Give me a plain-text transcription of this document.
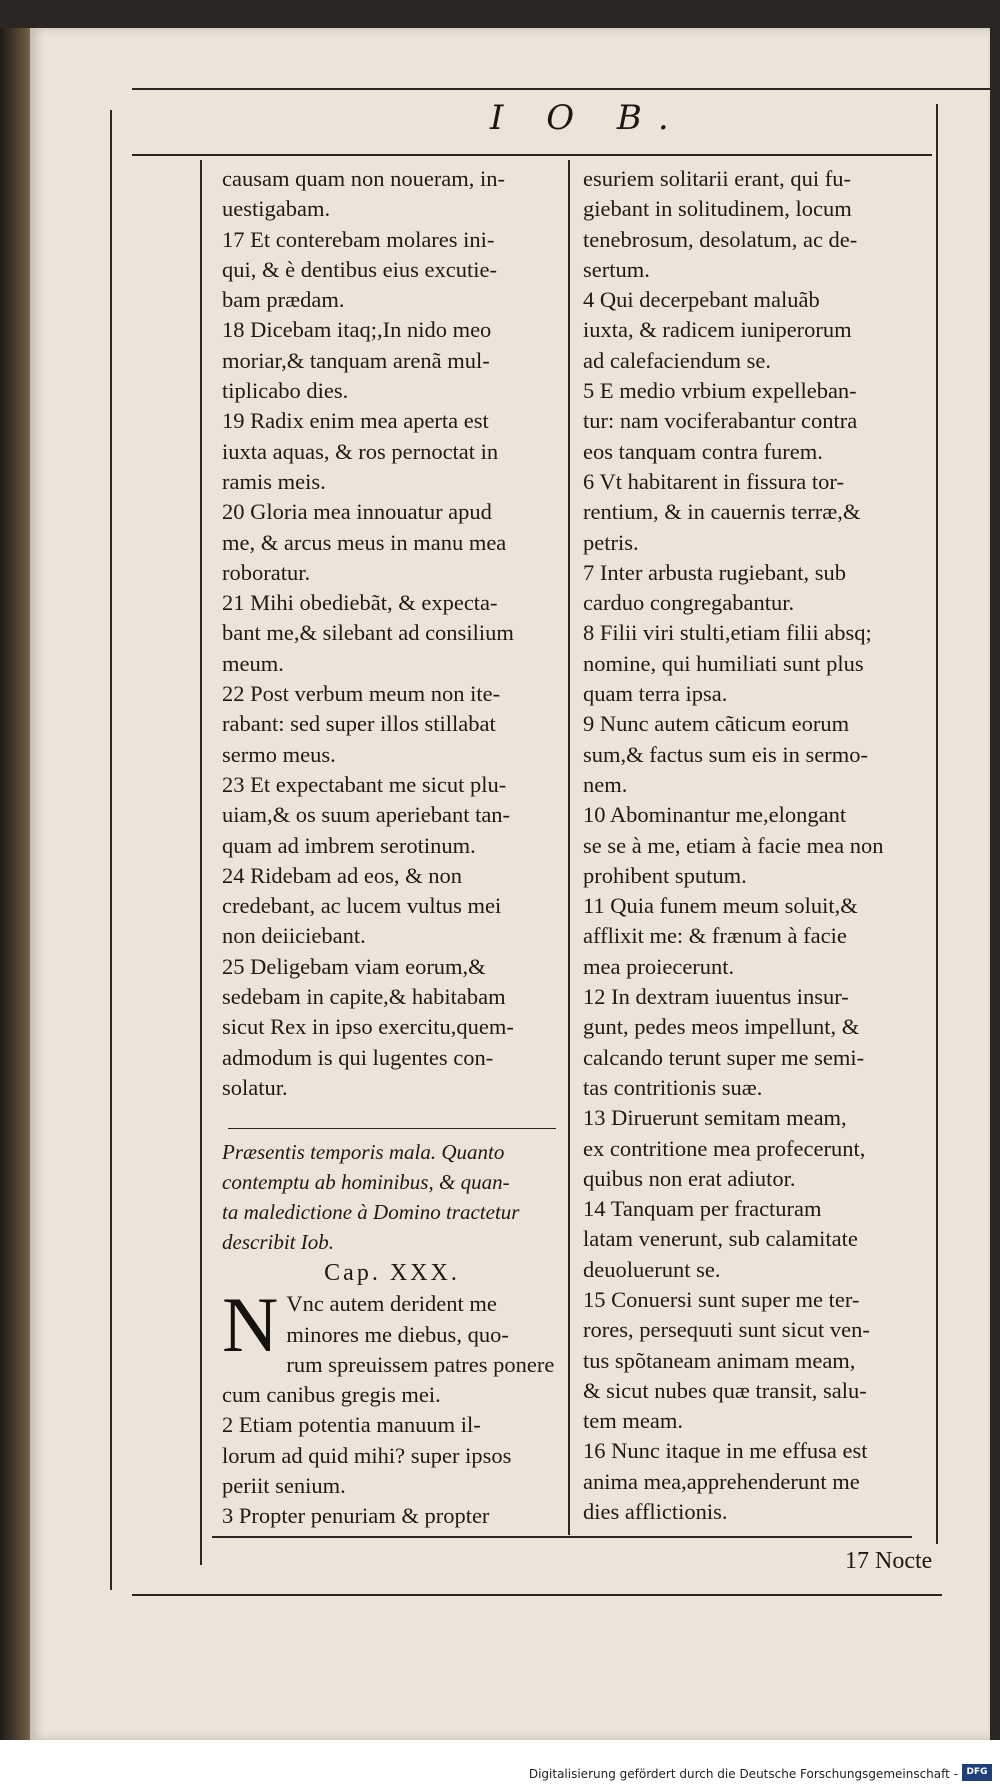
I O B.

causam quam non noueram, in-

uestigabam.

17 Et conterebam molares ini-

qui, & è dentibus eius excutie-

bam prædam.

18 Dicebam itaq;,In nido meo

moriar,& tanquam arenã mul-

tiplicabo dies.

19 Radix enim mea aperta est

iuxta aquas, & ros pernoctat in

ramis meis.

20 Gloria mea innouatur apud

me, & arcus meus in manu mea

roboratur.

21 Mihi obediebãt, & expecta-

bant me,& silebant ad consilium

meum.

22 Post verbum meum non ite-

rabant: sed super illos stillabat

sermo meus.

23 Et expectabant me sicut plu-

uiam,& os suum aperiebant tan-

quam ad imbrem serotinum.

24 Ridebam ad eos, & non

credebant, ac lucem vultus mei

non deiiciebant.

25 Deligebam viam eorum,&

sedebam in capite,& habitabam

sicut Rex in ipso exercitu,quem-

admodum is qui lugentes con-

solatur.

Præsentis temporis mala. Quanto

contemptu ab hominibus, & quan-

ta maledictione à Domino tractetur

describit Iob.

Cap. XXX.

N Vnc autem derident me

minores me diebus, quo-

rum spreuissem patres ponere

cum canibus gregis mei.

2 Etiam potentia manuum il-

lorum ad quid mihi? super ipsos

periit senium.

3 Propter penuriam & propter

esuriem solitarii erant, qui fu-

giebant in solitudinem, locum

tenebrosum, desolatum, ac de-

sertum.

4 Qui decerpebant maluãb

iuxta, & radicem iuniperorum

ad calefaciendum se.

5 E medio vrbium expelleban-

tur: nam vociferabantur contra

eos tanquam contra furem.

6 Vt habitarent in fissura tor-

rentium, & in cauernis terræ,&

petris.

7 Inter arbusta rugiebant, sub

carduo congregabantur.

8 Filii viri stulti,etiam filii absq;

nomine, qui humiliati sunt plus

quam terra ipsa.

9 Nunc autem cãticum eorum

sum,& factus sum eis in sermo-

nem.

10 Abominantur me,elongant

se se à me, etiam à facie mea non

prohibent sputum.

11 Quia funem meum soluit,&

afflixit me: & frænum à facie

mea proiecerunt.

12 In dextram iuuentus insur-

gunt, pedes meos impellunt, &

calcando terunt super me semi-

tas contritionis suæ.

13 Diruerunt semitam meam,

ex contritione mea profecerunt,

quibus non erat adiutor.

14 Tanquam per fracturam

latam venerunt, sub calamitate

deuoluerunt se.

15 Conuersi sunt super me ter-

rores, persequuti sunt sicut ven-

tus spõtaneam animam meam,

& sicut nubes quæ transit, salu-

tem meam.

16 Nunc itaque in me effusa est

anima mea,apprehenderunt me

dies afflictionis.

17 Nocte
Digitalisierung gefördert durch die Deutsche Forschungsgemeinschaft - DFG
